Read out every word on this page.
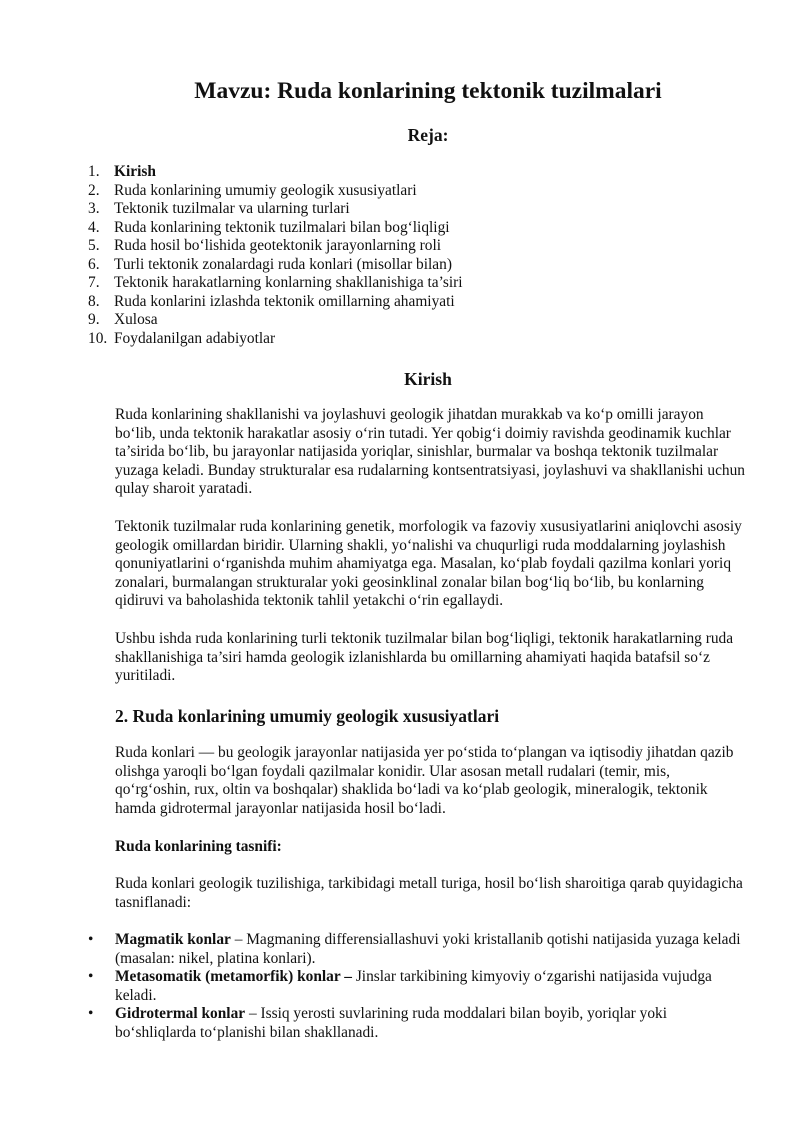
Mavzu: Ruda konlarining tektonik tuzilmalari
Reja:
1. Kirish
2. Ruda konlarining umumiy geologik xususiyatlari
3. Tektonik tuzilmalar va ularning turlari
4. Ruda konlarining tektonik tuzilmalari bilan bog‘liqligi
5. Ruda hosil bo‘lishida geotektonik jarayonlarning roli
6. Turli tektonik zonalardagi ruda konlari (misollar bilan)
7. Tektonik harakatlarning konlarning shakllanishiga ta’siri
8. Ruda konlarini izlashda tektonik omillarning ahamiyati
9. Xulosa
10. Foydalanilgan adabiyotlar
Kirish

Ruda konlarining shakllanishi va joylashuvi geologik jihatdan murakkab va ko‘p omilli jarayon bo‘lib, unda tektonik harakatlar asosiy o‘rin tutadi. Yer qobig‘i doimiy ravishda geodinamik kuchlar ta’sirida bo‘lib, bu jarayonlar natijasida yoriqlar, sinishlar, burmalar va boshqa tektonik tuzilmalar yuzaga keladi. Bunday strukturalar esa rudalarning kontsentratsiyasi, joylashuvi va shakllanishi uchun qulay sharoit yaratadi.

Tektonik tuzilmalar ruda konlarining genetik, morfologik va fazoviy xususiyatlarini aniqlovchi asosiy geologik omillardan biridir. Ularning shakli, yo‘nalishi va chuqurligi ruda moddalarning joylashish qonuniyatlarini o‘rganishda muhim ahamiyatga ega. Masalan, ko‘plab foydali qazilma konlari yoriq zonalari, burmalangan strukturalar yoki geosinklinal zonalar bilan bog‘liq bo‘lib, bu konlarning qidiruvi va baholashida tektonik tahlil yetakchi o‘rin egallaydi.

Ushbu ishda ruda konlarining turli tektonik tuzilmalar bilan bog‘liqligi, tektonik harakatlarning ruda shakllanishiga ta’siri hamda geologik izlanishlarda bu omillarning ahamiyati haqida batafsil so‘z yuritiladi.

2. Ruda konlarining umumiy geologik xususiyatlari

Ruda konlari — bu geologik jarayonlar natijasida yer po‘stida to‘plangan va iqtisodiy jihatdan qazib olishga yaroqli bo‘lgan foydali qazilmalar konidir. Ular asosan metall rudalari (temir, mis, qo‘rg‘oshin, rux, oltin va boshqalar) shaklida bo‘ladi va ko‘plab geologik, mineralogik, tektonik hamda gidrotermal jarayonlar natijasida hosil bo‘ladi.

Ruda konlarining tasnifi:

Ruda konlari geologik tuzilishiga, tarkibidagi metall turiga, hosil bo‘lish sharoitiga qarab quyidagicha tasniflanadi:

• Magmatik konlar – Magmaning differensiallashuvi yoki kristallanib qotishi natijasida yuzaga keladi (masalan: nikel, platina konlari).
• Metasomatik (metamorfik) konlar – Jinslar tarkibining kimyoviy o‘zgarishi natijasida vujudga keladi.
• Gidrotermal konlar – Issiq yerosti suvlarining ruda moddalari bilan boyib, yoriqlar yoki bo‘shliqlarda to‘planishi bilan shakllanadi.
